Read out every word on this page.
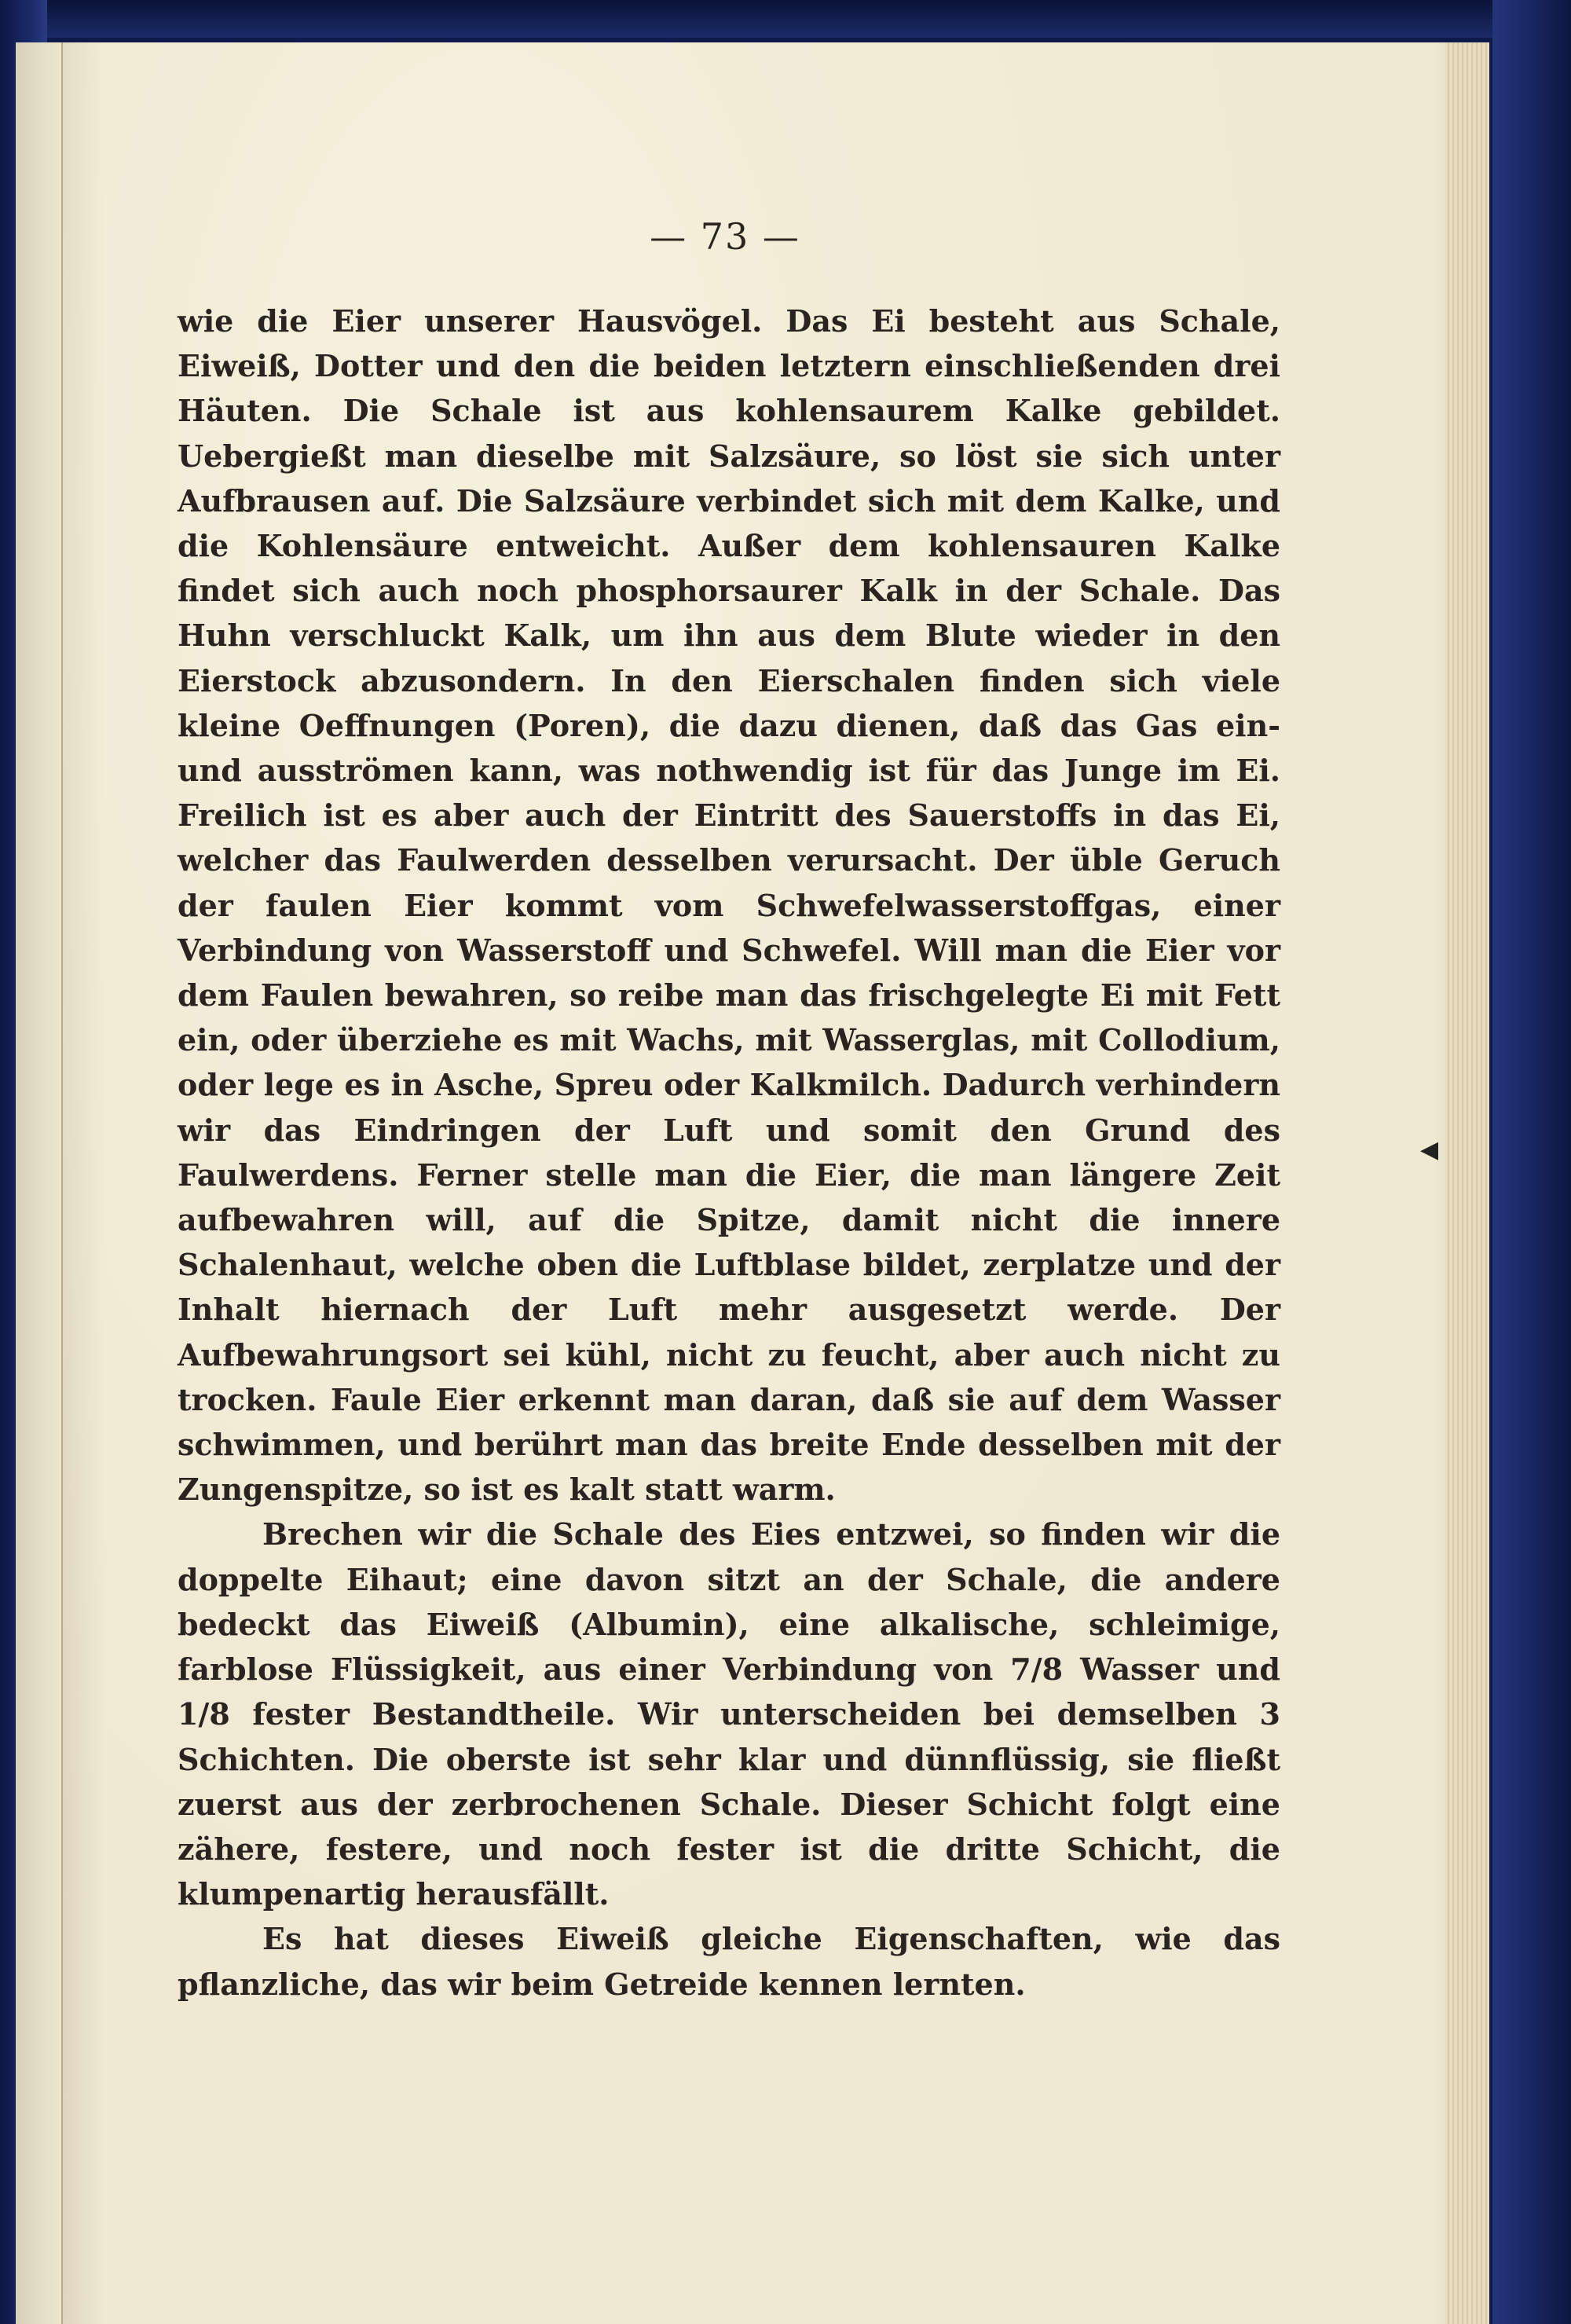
— 73 —

wie die Eier unserer Hausvögel. Das Ei besteht aus Schale, Eiweiß, Dotter und den die beiden letztern einschließenden drei Häuten. Die Schale ist aus kohlensaurem Kalke gebildet. Uebergießt man dieselbe mit Salzsäure, so löst sie sich unter Aufbrausen auf. Die Salzsäure verbindet sich mit dem Kalke, und die Kohlensäure entweicht. Außer dem kohlensauren Kalke findet sich auch noch phosphorsaurer Kalk in der Schale. Das Huhn verschluckt Kalk, um ihn aus dem Blute wieder in den Eierstock abzusondern. In den Eierschalen finden sich viele kleine Oeffnungen (Poren), die dazu dienen, daß das Gas ein- und ausströmen kann, was nothwendig ist für das Junge im Ei. Freilich ist es aber auch der Eintritt des Sauerstoffs in das Ei, welcher das Faulwerden desselben verursacht. Der üble Geruch der faulen Eier kommt vom Schwefelwasserstoffgas, einer Verbindung von Wasserstoff und Schwefel. Will man die Eier vor dem Faulen bewahren, so reibe man das frischgelegte Ei mit Fett ein, oder überziehe es mit Wachs, mit Wasserglas, mit Collodium, oder lege es in Asche, Spreu oder Kalkmilch. Dadurch verhindern wir das Eindringen der Luft und somit den Grund des Faulwerdens. Ferner stelle man die Eier, die man längere Zeit aufbewahren will, auf die Spitze, damit nicht die innere Schalenhaut, welche oben die Luftblase bildet, zerplatze und der Inhalt hiernach der Luft mehr ausgesetzt werde. Der Aufbewahrungsort sei kühl, nicht zu feucht, aber auch nicht zu trocken. Faule Eier erkennt man daran, daß sie auf dem Wasser schwimmen, und berührt man das breite Ende desselben mit der Zungenspitze, so ist es kalt statt warm.

Brechen wir die Schale des Eies entzwei, so finden wir die doppelte Eihaut; eine davon sitzt an der Schale, die andere bedeckt das Eiweiß (Albumin), eine alkalische, schleimige, farblose Flüssigkeit, aus einer Verbindung von 7/8 Wasser und 1/8 fester Bestandtheile. Wir unterscheiden bei demselben 3 Schichten. Die oberste ist sehr klar und dünnflüssig, sie fließt zuerst aus der zerbrochenen Schale. Dieser Schicht folgt eine zähere, festere, und noch fester ist die dritte Schicht, die klumpenartig herausfällt.

Es hat dieses Eiweiß gleiche Eigenschaften, wie das pflanzliche, das wir beim Getreide kennen lernten.

◀
